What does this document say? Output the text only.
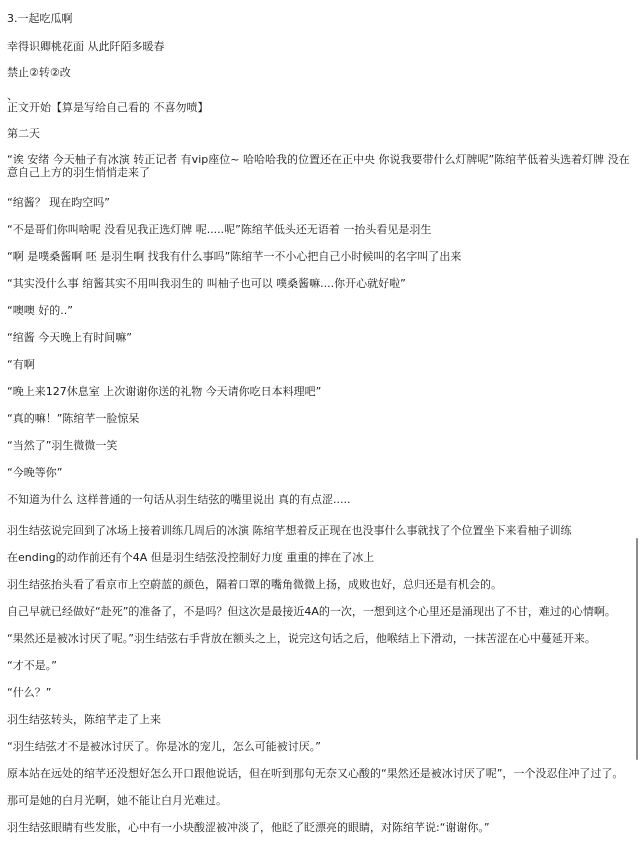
3.一起吃瓜啊
幸得识卿桃花面 从此阡陌多暖春
禁止②转②改
、
正文开始【算是写给自己看的 不喜勿喷】
第二天
“诶 安绪 今天柚子有冰演 转正记者 有vip座位~ 哈哈哈我的位置还在正中央 你说我要带什么灯牌呢”陈绾芊低着头选着灯牌 没在意自己上方的羽生悄悄走来了
“绾酱？ 现在昀空吗”
“不是哥们你叫啥呢 没看见我正选灯牌 呢.....呢”陈绾芊低头还无语着 一抬头看见是羽生
“啊 是噗桑酱啊 呸 是羽生啊 找我有什么事吗”陈绾芊一不小心把自己小时候叫的名字叫了出来
“其实没什么事 绾酱其实不用叫我羽生的 叫柚子也可以 噗桑酱嘛....你开心就好啦”
“噢噢 好的..”
“绾酱 今天晚上有时间嘛”
“有啊
“晚上来127休息室 上次谢谢你送的礼物 今天请你吃日本料理吧”
“真的嘛！”陈绾芊一脸惊呆
“当然了”羽生微微一笑
“今晚等你”
不知道为什么 这样普通的一句话从羽生结弦的嘴里说出 真的有点涩.....
羽生结弦说完回到了冰场上接着训练几周后的冰演 陈绾芊想着反正现在也没事什么事就找了个位置坐下来看柚子训练
在ending的动作前还有个4A 但是羽生结弦没控制好力度 重重的摔在了冰上
羽生结弦抬头看了看京市上空蔚蓝的颜色，隔着口罩的嘴角微微上扬，成败也好，总归还是有机会的。
自己早就已经做好“赴死”的准备了，不是吗？但这次是最接近4A的一次，一想到这个心里还是涌现出了不甘，难过的心情啊。
“果然还是被冰讨厌了呢。”羽生结弦右手背放在额头之上，说完这句话之后，他喉结上下滑动，一抹苦涩在心中蔓延开来。
“才不是。”
“什么？”
羽生结弦转头，陈绾芊走了上来
“羽生结弦才不是被冰讨厌了。你是冰的宠儿，怎么可能被讨厌。”
原本站在远处的绾芊还没想好怎么开口跟他说话，但在听到那句无奈又心酸的“果然还是被冰讨厌了呢”，一个没忍住冲了过了。
那可是她的白月光啊，她不能让白月光难过。
羽生结弦眼睛有些发胀，心中有一小块酸涩被冲淡了，他眨了眨漂亮的眼睛，对陈绾芊说:“谢谢你。”
